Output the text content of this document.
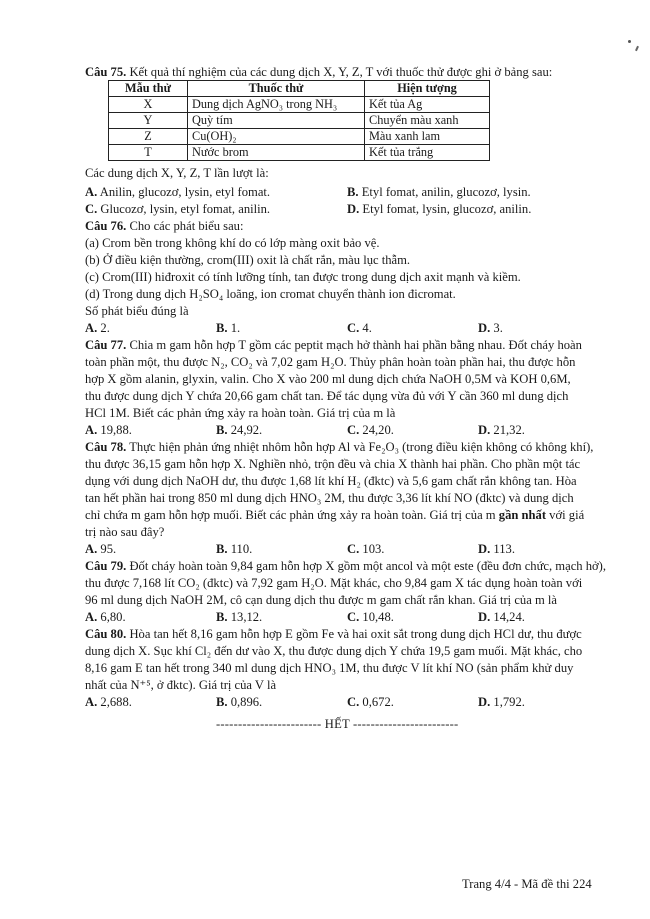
Câu 75. Kết quả thí nghiệm của các dung dịch X, Y, Z, T với thuốc thử được ghi ở bảng sau:
Mẫu thử	Thuốc thử	Hiện tượng
X	Dung dịch AgNO₃ trong NH₃	Kết tủa Ag
Y	Quỳ tím	Chuyển màu xanh
Z	Cu(OH)₂	Màu xanh lam
T	Nước brom	Kết tủa trắng
Các dung dịch X, Y, Z, T lần lượt là:
A. Anilin, glucozơ, lysin, etyl fomat.	B. Etyl fomat, anilin, glucozơ, lysin.
C. Glucozơ, lysin, etyl fomat, anilin.	D. Etyl fomat, lysin, glucozơ, anilin.
Câu 76. Cho các phát biểu sau:
(a) Crom bền trong không khí do có lớp màng oxit bảo vệ.
(b) Ở điều kiện thường, crom(III) oxit là chất rắn, màu lục thẫm.
(c) Crom(III) hiđroxit có tính lưỡng tính, tan được trong dung dịch axit mạnh và kiềm.
(d) Trong dung dịch H₂SO₄ loãng, ion cromat chuyển thành ion đicromat.
Số phát biểu đúng là
A. 2.	B. 1.	C. 4.	D. 3.
Câu 77. Chia m gam hỗn hợp T gồm các peptit mạch hở thành hai phần bằng nhau. Đốt cháy hoàn
toàn phần một, thu được N₂, CO₂ và 7,02 gam H₂O. Thủy phân hoàn toàn phần hai, thu được hỗn
hợp X gồm alanin, glyxin, valin. Cho X vào 200 ml dung dịch chứa NaOH 0,5M và KOH 0,6M,
thu được dung dịch Y chứa 20,66 gam chất tan. Để tác dụng vừa đủ với Y cần 360 ml dung dịch
HCl 1M. Biết các phản ứng xảy ra hoàn toàn. Giá trị của m là
A. 19,88.	B. 24,92.	C. 24,20.	D. 21,32.
Câu 78. Thực hiện phản ứng nhiệt nhôm hỗn hợp Al và Fe₂O₃ (trong điều kiện không có không khí),
thu được 36,15 gam hỗn hợp X. Nghiền nhỏ, trộn đều và chia X thành hai phần. Cho phần một tác
dụng với dung dịch NaOH dư, thu được 1,68 lít khí H₂ (đktc) và 5,6 gam chất rắn không tan. Hòa
tan hết phần hai trong 850 ml dung dịch HNO₃ 2M, thu được 3,36 lít khí NO (đktc) và dung dịch
chỉ chứa m gam hỗn hợp muối. Biết các phản ứng xảy ra hoàn toàn. Giá trị của m gần nhất với giá
trị nào sau đây?
A. 95.	B. 110.	C. 103.	D. 113.
Câu 79. Đốt cháy hoàn toàn 9,84 gam hỗn hợp X gồm một ancol và một este (đều đơn chức, mạch hở),
thu được 7,168 lít CO₂ (đktc) và 7,92 gam H₂O. Mặt khác, cho 9,84 gam X tác dụng hoàn toàn với
96 ml dung dịch NaOH 2M, cô cạn dung dịch thu được m gam chất rắn khan. Giá trị của m là
A. 6,80.	B. 13,12.	C. 10,48.	D. 14,24.
Câu 80. Hòa tan hết 8,16 gam hỗn hợp E gồm Fe và hai oxit sắt trong dung dịch HCl dư, thu được
dung dịch X. Sục khí Cl₂ đến dư vào X, thu được dung dịch Y chứa 19,5 gam muối. Mặt khác, cho
8,16 gam E tan hết trong 340 ml dung dịch HNO₃ 1M, thu được V lít khí NO (sản phẩm khử duy
nhất của N⁺⁵, ở đktc). Giá trị của V là
A. 2,688.	B. 0,896.	C. 0,672.	D. 1,792.
------------------------ HẾT ------------------------
Trang 4/4 - Mã đề thi 224
